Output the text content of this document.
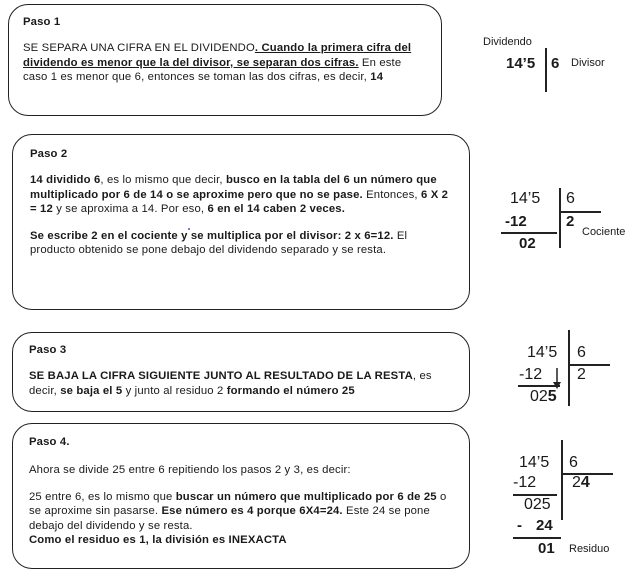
Paso 1

SE SEPARA UNA CIFRA EN EL DIVIDENDO. Cuando la primera cifra del dividendo es menor que la del divisor, se separan dos cifras. En este caso 1 es menor que 6, entonces se toman las dos cifras, es decir, 14

Paso 2

14 dividido 6, es lo mismo que decir, busco en la tabla del 6 un número que multiplicado por 6 de 14 o se aproxime pero que no se pase. Entonces, 6 X 2 = 12 y se aproxima a 14. Por eso, 6 en el 14 caben 2 veces.

Se escribe 2 en el cociente y se multiplica por el divisor: 2 x 6=12. El producto obtenido se pone debajo del dividendo separado y se resta.

Paso 3

SE BAJA LA CIFRA SIGUIENTE JUNTO AL RESULTADO DE LA RESTA, es decir, se baja el 5 y junto al residuo 2 formando el número 25

Paso 4.

Ahora se divide 25 entre 6 repitiendo los pasos 2 y 3, es decir:

25 entre 6, es lo mismo que buscar un número que multiplicado por 6 de 25 o se aproxime sin pasarse. Ese número es 4 porque 6X4=24. Este 24 se pone debajo del dividendo y se resta.

Como el residuo es 1, la división es INEXACTA

Dividendo
14’5 6 Divisor
14’5 6
-12	2
Cociente
02
14’5 6
-12 2
025
14’5 6
-12 24
025
- 24
01 Residuo
